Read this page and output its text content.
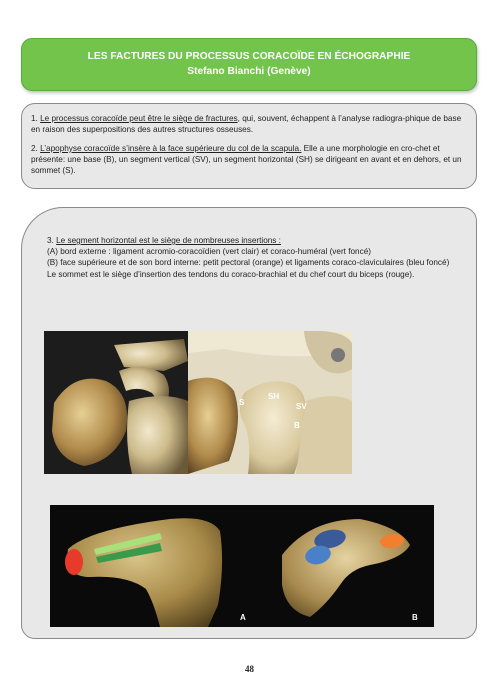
LES FACTURES DU PROCESSUS CORACOÏDE EN ÉCHOGRAPHIE
Stefano Bianchi (Genève)

1. Le processus coracoïde peut être le siège de fractures, qui, souvent, échappent à l’analyse radiogra-phique de base en raison des superpositions des autres structures osseuses.

2. L’apophyse coracoïde s’insère à la face supérieure du col de la scapula. Elle a une morphologie en cro-chet et présente: une base (B), un segment vertical (SV), un segment horizontal (SH) se dirigeant en avant et en dehors, et un sommet (S).

3. Le segment horizontal est le siège de nombreuses insertions :
(A) bord externe : ligament acromio-coracoïdien (vert clair) et coraco-huméral (vert foncé)
(B) face supérieure et de son bord interne: petit pectoral (orange) et ligaments coraco-claviculaires (bleu foncé)
Le sommet est le siège d’insertion des tendons du coraco-brachial et du chef court du biceps (rouge).
S
SH
SV
B
A	B
48
